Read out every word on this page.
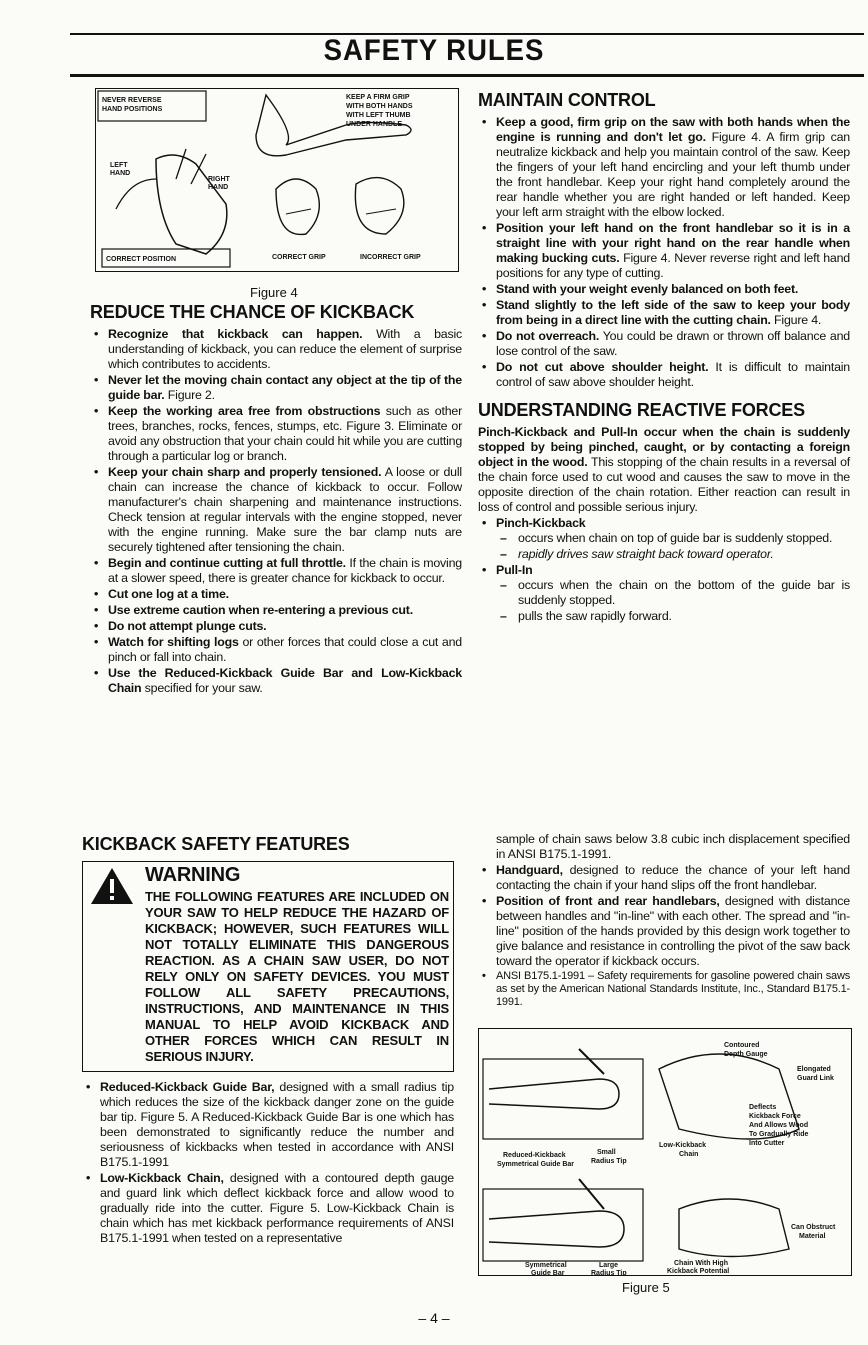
SAFETY RULES
NEVER REVERSE
HAND POSITIONS
LEFT
HAND
RIGHT
HAND
CORRECT POSITION
KEEP A FIRM GRIP
WITH BOTH HANDS
WITH LEFT THUMB
UNDER HANDLE
CORRECT GRIP	INCORRECT GRIP
Figure 4
REDUCE THE CHANCE OF KICKBACK
• Recognize that kickback can happen. With a basic understanding of kickback, you can reduce the element of surprise which contributes to accidents.
• Never let the moving chain contact any object at the tip of the guide bar. Figure 2.
• Keep the working area free from obstructions such as other trees, branches, rocks, fences, stumps, etc. Figure 3. Eliminate or avoid any obstruction that your chain could hit while you are cutting through a particular log or branch.
• Keep your chain sharp and properly tensioned. A loose or dull chain can increase the chance of kickback to occur. Follow manufacturer's chain sharpening and maintenance instructions. Check tension at regular intervals with the engine stopped, never with the engine running. Make sure the bar clamp nuts are securely tightened after tensioning the chain.
• Begin and continue cutting at full throttle. If the chain is moving at a slower speed, there is greater chance for kickback to occur.
• Cut one log at a time.
• Use extreme caution when re-entering a previous cut.
• Do not attempt plunge cuts.
• Watch for shifting logs or other forces that could close a cut and pinch or fall into chain.
• Use the Reduced-Kickback Guide Bar and Low-Kickback Chain specified for your saw.
MAINTAIN CONTROL
• Keep a good, firm grip on the saw with both hands when the engine is running and don't let go. Figure 4. A firm grip can neutralize kickback and help you maintain control of the saw. Keep the fingers of your left hand encircling and your left thumb under the front handlebar. Keep your right hand completely around the rear handle whether you are right handed or left handed. Keep your left arm straight with the elbow locked.
• Position your left hand on the front handlebar so it is in a straight line with your right hand on the rear handle when making bucking cuts. Figure 4. Never reverse right and left hand positions for any type of cutting.
• Stand with your weight evenly balanced on both feet.
• Stand slightly to the left side of the saw to keep your body from being in a direct line with the cutting chain. Figure 4.
• Do not overreach. You could be drawn or thrown off balance and lose control of the saw.
• Do not cut above shoulder height. It is difficult to maintain control of saw above shoulder height.
UNDERSTANDING REACTIVE FORCES

Pinch-Kickback and Pull-In occur when the chain is suddenly stopped by being pinched, caught, or by contacting a foreign object in the wood. This stopping of the chain results in a reversal of the chain force used to cut wood and causes the saw to move in the opposite direction of the chain rotation. Either reaction can result in loss of control and possible serious injury.

• Pinch-Kickback
– occurs when chain on top of guide bar is suddenly stopped.
– rapidly drives saw straight back toward operator.
• Pull-In
– occurs when the chain on the bottom of the guide bar is suddenly stopped.
– pulls the saw rapidly forward.
KICKBACK SAFETY FEATURES
WARNING
THE FOLLOWING FEATURES ARE INCLUDED ON YOUR SAW TO HELP REDUCE THE HAZARD OF KICKBACK; HOWEVER, SUCH FEATURES WILL NOT TOTALLY ELIMINATE THIS DANGEROUS REACTION. AS A CHAIN SAW USER, DO NOT RELY ONLY ON SAFETY DEVICES. YOU MUST FOLLOW ALL SAFETY PRECAUTIONS, INSTRUCTIONS, AND MAINTENANCE IN THIS MANUAL TO HELP AVOID KICKBACK AND OTHER FORCES WHICH CAN RESULT IN SERIOUS INJURY.
• Reduced-Kickback Guide Bar, designed with a small radius tip which reduces the size of the kickback danger zone on the guide bar tip. Figure 5. A Reduced-Kickback Guide Bar is one which has been demonstrated to significantly reduce the number and seriousness of kickbacks when tested in accordance with ANSI B175.1-1991
• Low-Kickback Chain, designed with a contoured depth gauge and guard link which deflect kickback force and allow wood to gradually ride into the cutter. Figure 5. Low-Kickback Chain is chain which has met kickback performance requirements of ANSI B175.1-1991 when tested on a representative

sample of chain saws below 3.8 cubic inch displacement specified in ANSI B175.1-1991.

• Handguard, designed to reduce the chance of your left hand contacting the chain if your hand slips off the front handlebar.
• Position of front and rear handlebars, designed with distance between handles and "in-line" with each other. The spread and "in-line" position of the hands provided by this design work together to give balance and resistance in controlling the pivot of the saw back toward the operator if kickback occurs.
• ANSI B175.1-1991 – Safety requirements for gasoline powered chain saws as set by the American National Standards Institute, Inc., Standard B175.1-1991.
Reduced-Kickback
Symmetrical Guide Bar
Small
Radius Tip
Contoured
Depth Gauge
Elongated
Guard Link
Deflects
Kickback Force
And Allows Wood
To Gradually Ride
Into Cutter
Low-Kickback
Chain
Symmetrical
Guide Bar
Large
Radius Tip
Chain With High
Kickback Potential
Can Obstruct
Material
Figure 5
– 4 –
